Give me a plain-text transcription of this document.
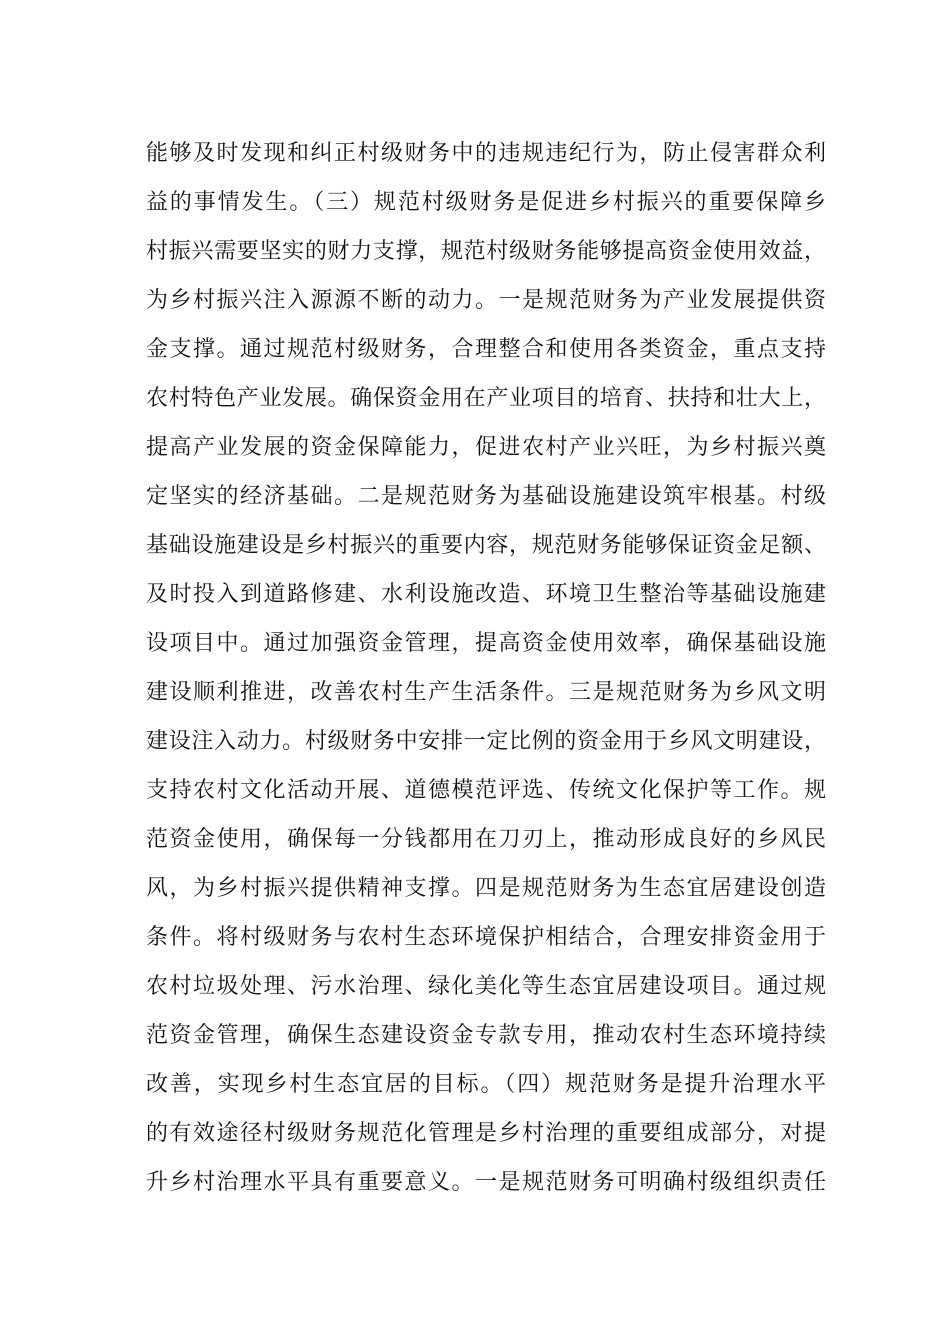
能够及时发现和纠正村级财务中的违规违纪行为，防止侵害群众利
益的事情发生。（三）规范村级财务是促进乡村振兴的重要保障乡
村振兴需要坚实的财力支撑，规范村级财务能够提高资金使用效益，
为乡村振兴注入源源不断的动力。一是规范财务为产业发展提供资
金支撑。通过规范村级财务，合理整合和使用各类资金，重点支持
农村特色产业发展。确保资金用在产业项目的培育、扶持和壮大上，
提高产业发展的资金保障能力，促进农村产业兴旺，为乡村振兴奠
定坚实的经济基础。二是规范财务为基础设施建设筑牢根基。村级
基础设施建设是乡村振兴的重要内容，规范财务能够保证资金足额、
及时投入到道路修建、水利设施改造、环境卫生整治等基础设施建
设项目中。通过加强资金管理，提高资金使用效率，确保基础设施
建设顺利推进，改善农村生产生活条件。三是规范财务为乡风文明
建设注入动力。村级财务中安排一定比例的资金用于乡风文明建设，
支持农村文化活动开展、道德模范评选、传统文化保护等工作。规
范资金使用，确保每一分钱都用在刀刃上，推动形成良好的乡风民
风，为乡村振兴提供精神支撑。四是规范财务为生态宜居建设创造
条件。将村级财务与农村生态环境保护相结合，合理安排资金用于
农村垃圾处理、污水治理、绿化美化等生态宜居建设项目。通过规
范资金管理，确保生态建设资金专款专用，推动农村生态环境持续
改善，实现乡村生态宜居的目标。（四）规范财务是提升治理水平
的有效途径村级财务规范化管理是乡村治理的重要组成部分，对提
升乡村治理水平具有重要意义。一是规范财务可明确村级组织责任
